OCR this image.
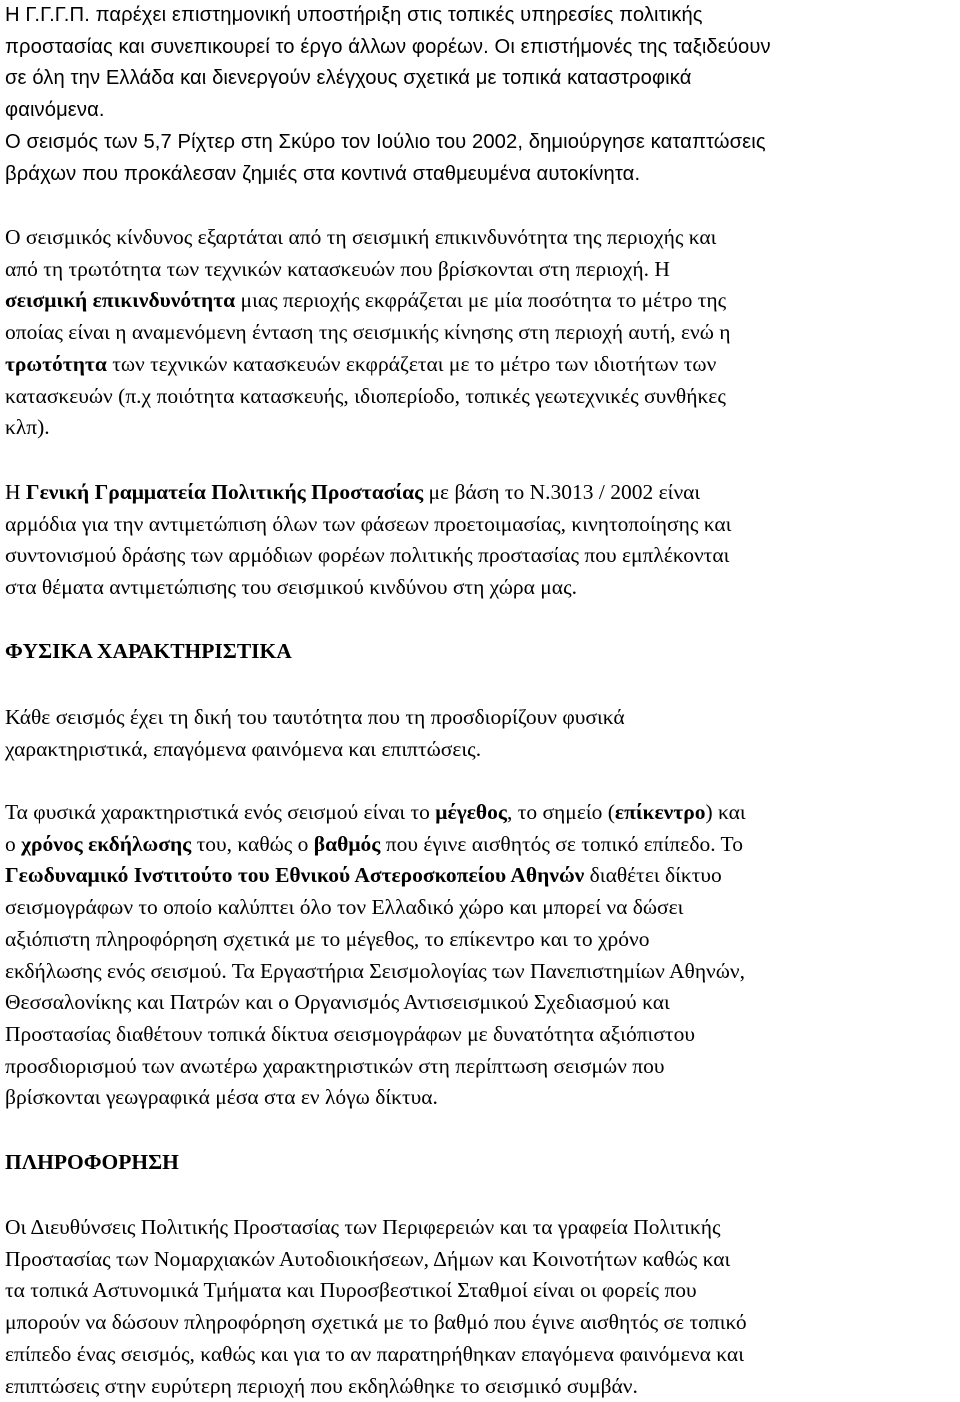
Η Γ.Γ.Γ.Π. παρέχει επιστημονική υποστήριξη στις τοπικές υπηρεσίες πολιτικής
προστασίας και συνεπικουρεί το έργο άλλων φορέων. Οι επιστήμονές της ταξιδεύουν
σε όλη την Ελλάδα και διενεργούν ελέγχους σχετικά με τοπικά καταστροφικά
φαινόμενα.
Ο σεισμός των 5,7 Ρίχτερ στη Σκύρο τον Ιούλιο του 2002, δημιούργησε καταπτώσεις
βράχων που προκάλεσαν ζημιές στα κοντινά σταθμευμένα αυτοκίνητα.
Ο σεισμικός κίνδυνος εξαρτάται από τη σεισμική επικινδυνότητα της περιοχής και
από τη τρωτότητα των τεχνικών κατασκευών που βρίσκονται στη περιοχή. Η
σεισμική επικινδυνότητα μιας περιοχής εκφράζεται με μία ποσότητα το μέτρο της
οποίας είναι η αναμενόμενη ένταση της σεισμικής κίνησης στη περιοχή αυτή, ενώ η
τρωτότητα των τεχνικών κατασκευών εκφράζεται με το μέτρο των ιδιοτήτων των
κατασκευών (π.χ ποιότητα κατασκευής, ιδιοπερίοδο, τοπικές γεωτεχνικές συνθήκες
κλπ).
Η Γενική Γραμματεία Πολιτικής Προστασίας με βάση το Ν.3013 / 2002 είναι
αρμόδια για την αντιμετώπιση όλων των φάσεων προετοιμασίας, κινητοποίησης και
συντονισμού δράσης των αρμόδιων φορέων πολιτικής προστασίας που εμπλέκονται
στα θέματα αντιμετώπισης του σεισμικού κινδύνου στη χώρα μας.
ΦΥΣΙΚΑ ΧΑΡΑΚΤΗΡΙΣΤΙΚΑ
Κάθε σεισμός έχει τη δική του ταυτότητα που τη προσδιορίζουν φυσικά
χαρακτηριστικά, επαγόμενα φαινόμενα και επιπτώσεις.
Τα φυσικά χαρακτηριστικά ενός σεισμού είναι το μέγεθος, το σημείο (επίκεντρο) και
ο χρόνος εκδήλωσης του, καθώς ο βαθμός που έγινε αισθητός σε τοπικό επίπεδο. Το
Γεωδυναμικό Ινστιτούτο του Εθνικού Αστεροσκοπείου Αθηνών διαθέτει δίκτυο
σεισμογράφων το οποίο καλύπτει όλο τον Ελλαδικό χώρο και μπορεί να δώσει
αξιόπιστη πληροφόρηση σχετικά με το μέγεθος, το επίκεντρο και το χρόνο
εκδήλωσης ενός σεισμού. Τα Εργαστήρια Σεισμολογίας των Πανεπιστημίων Αθηνών,
Θεσσαλονίκης και Πατρών και ο Οργανισμός Αντισεισμικού Σχεδιασμού και
Προστασίας διαθέτουν τοπικά δίκτυα σεισμογράφων με δυνατότητα αξιόπιστου
προσδιορισμού των ανωτέρω χαρακτηριστικών στη περίπτωση σεισμών που
βρίσκονται γεωγραφικά μέσα στα εν λόγω δίκτυα.
ΠΛΗΡΟΦΟΡΗΣΗ
Οι Διευθύνσεις Πολιτικής Προστασίας των Περιφερειών και τα γραφεία Πολιτικής
Προστασίας των Νομαρχιακών Αυτοδιοικήσεων, Δήμων και Κοινοτήτων καθώς και
τα τοπικά Αστυνομικά Τμήματα και Πυροσβεστικοί Σταθμοί είναι οι φορείς που
μπορούν να δώσουν πληροφόρηση σχετικά με το βαθμό που έγινε αισθητός σε τοπικό
επίπεδο ένας σεισμός, καθώς και για το αν παρατηρήθηκαν επαγόμενα φαινόμενα και
επιπτώσεις στην ευρύτερη περιοχή που εκδηλώθηκε το σεισμικό συμβάν.
